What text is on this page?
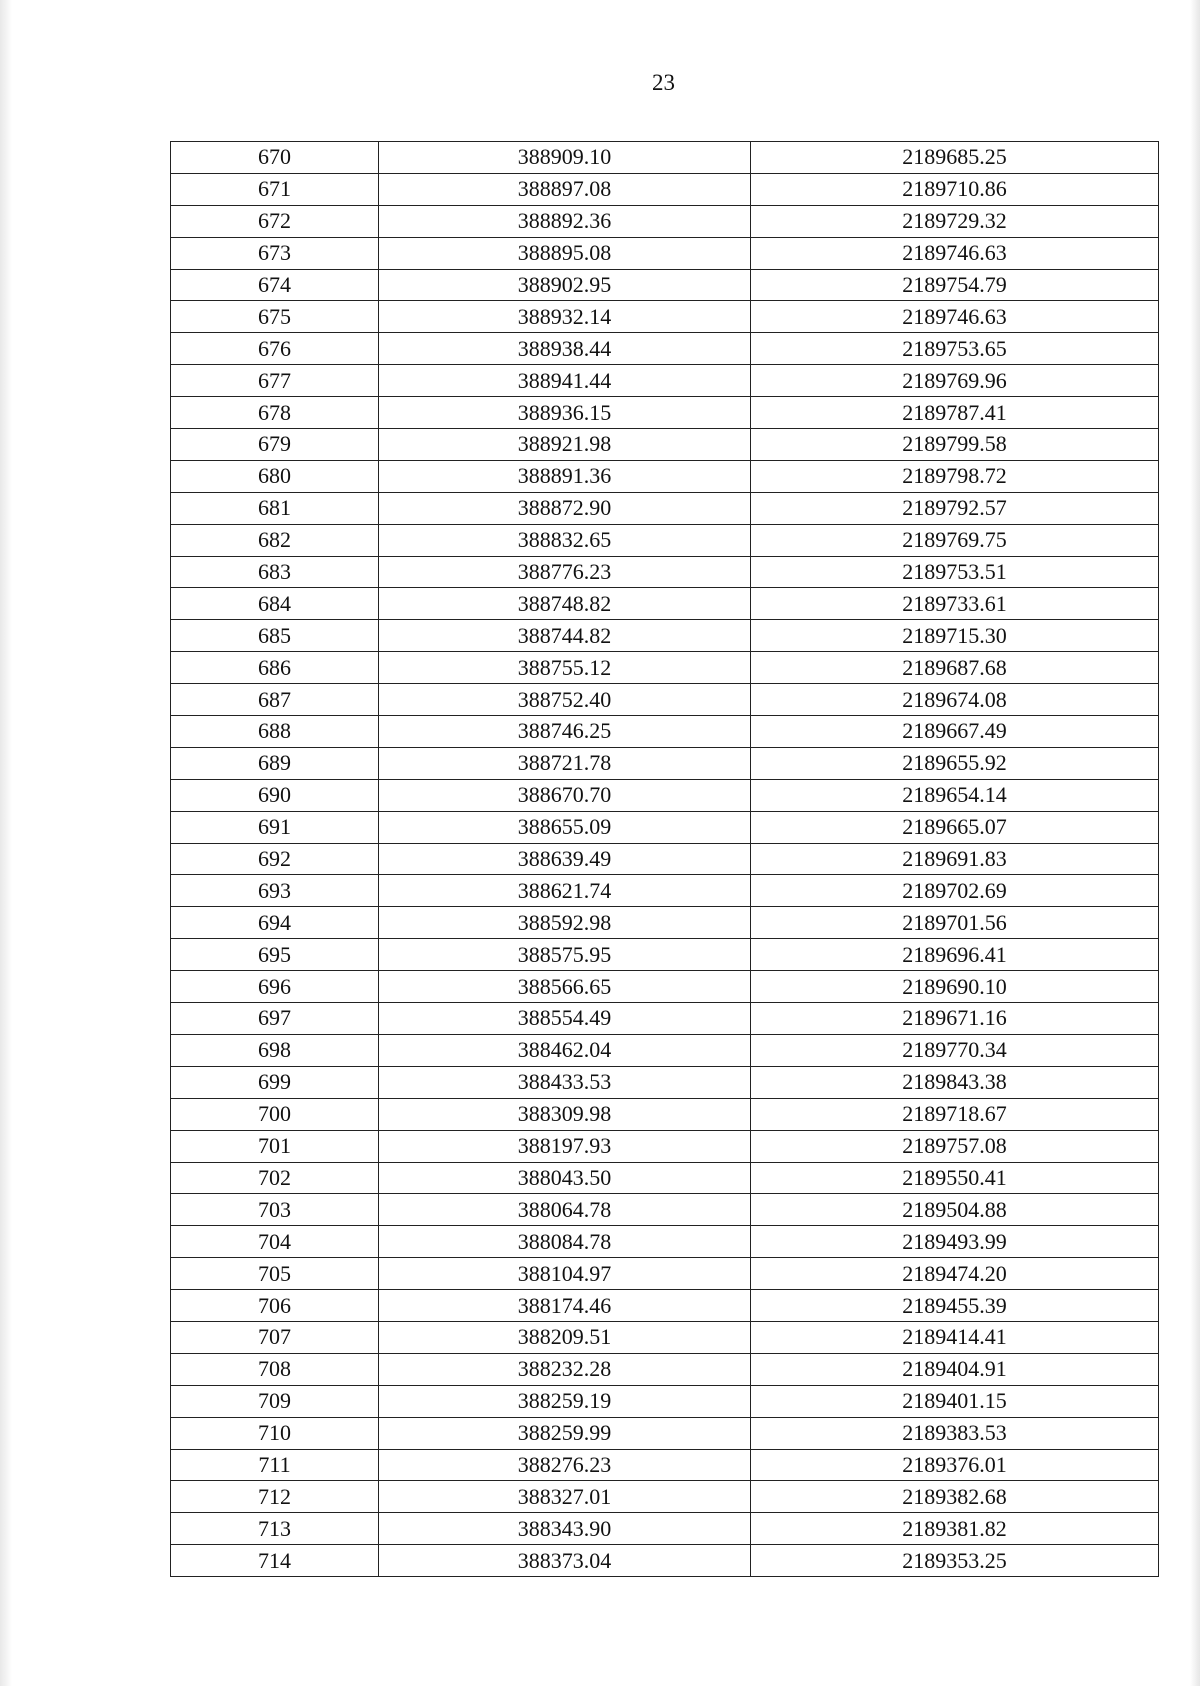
23
670	388909.10	2189685.25
671	388897.08	2189710.86
672	388892.36	2189729.32
673	388895.08	2189746.63
674	388902.95	2189754.79
675	388932.14	2189746.63
676	388938.44	2189753.65
677	388941.44	2189769.96
678	388936.15	2189787.41
679	388921.98	2189799.58
680	388891.36	2189798.72
681	388872.90	2189792.57
682	388832.65	2189769.75
683	388776.23	2189753.51
684	388748.82	2189733.61
685	388744.82	2189715.30
686	388755.12	2189687.68
687	388752.40	2189674.08
688	388746.25	2189667.49
689	388721.78	2189655.92
690	388670.70	2189654.14
691	388655.09	2189665.07
692	388639.49	2189691.83
693	388621.74	2189702.69
694	388592.98	2189701.56
695	388575.95	2189696.41
696	388566.65	2189690.10
697	388554.49	2189671.16
698	388462.04	2189770.34
699	388433.53	2189843.38
700	388309.98	2189718.67
701	388197.93	2189757.08
702	388043.50	2189550.41
703	388064.78	2189504.88
704	388084.78	2189493.99
705	388104.97	2189474.20
706	388174.46	2189455.39
707	388209.51	2189414.41
708	388232.28	2189404.91
709	388259.19	2189401.15
710	388259.99	2189383.53
711	388276.23	2189376.01
712	388327.01	2189382.68
713	388343.90	2189381.82
714	388373.04	2189353.25
